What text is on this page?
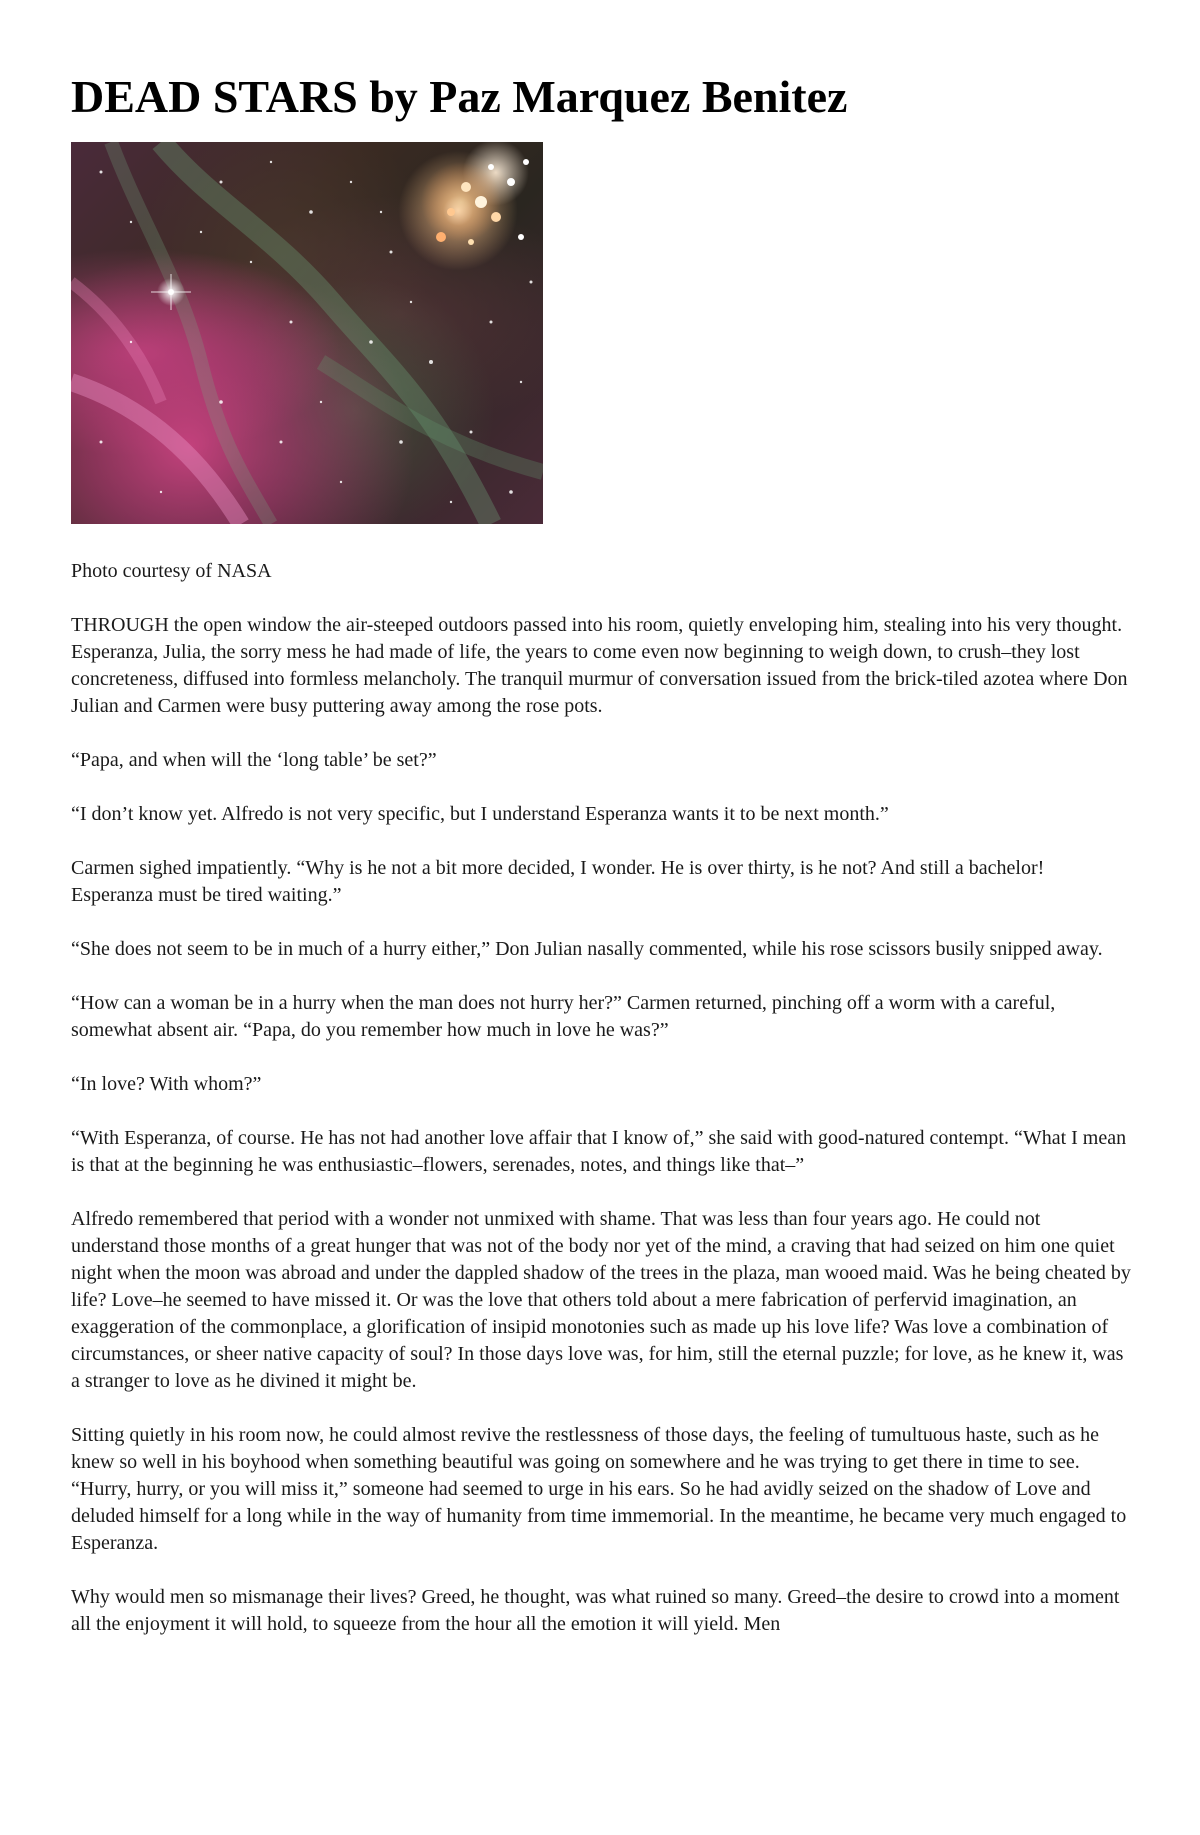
DEAD STARS by Paz Marquez Benitez

Photo courtesy of NASA

THROUGH the open window the air-steeped outdoors passed into his room, quietly enveloping him, stealing into his very thought. Esperanza, Julia, the sorry mess he had made of life, the years to come even now beginning to weigh down, to crush–they lost concreteness, diffused into formless melancholy. The tranquil murmur of conversation issued from the brick-tiled azotea where Don Julian and Carmen were busy puttering away among the rose pots.

“Papa, and when will the ‘long table’ be set?”

“I don’t know yet. Alfredo is not very specific, but I understand Esperanza wants it to be next month.”

Carmen sighed impatiently. “Why is he not a bit more decided, I wonder. He is over thirty, is he not? And still a bachelor! Esperanza must be tired waiting.”

“She does not seem to be in much of a hurry either,” Don Julian nasally commented, while his rose scissors busily snipped away.

“How can a woman be in a hurry when the man does not hurry her?” Carmen returned, pinching off a worm with a careful, somewhat absent air. “Papa, do you remember how much in love he was?”

“In love? With whom?”

“With Esperanza, of course. He has not had another love affair that I know of,” she said with good-natured contempt. “What I mean is that at the beginning he was enthusiastic–flowers, serenades, notes, and things like that–”

Alfredo remembered that period with a wonder not unmixed with shame. That was less than four years ago. He could not understand those months of a great hunger that was not of the body nor yet of the mind, a craving that had seized on him one quiet night when the moon was abroad and under the dappled shadow of the trees in the plaza, man wooed maid. Was he being cheated by life? Love–he seemed to have missed it. Or was the love that others told about a mere fabrication of perfervid imagination, an exaggeration of the commonplace, a glorification of insipid monotonies such as made up his love life? Was love a combination of circumstances, or sheer native capacity of soul? In those days love was, for him, still the eternal puzzle; for love, as he knew it, was a stranger to love as he divined it might be.

Sitting quietly in his room now, he could almost revive the restlessness of those days, the feeling of tumultuous haste, such as he knew so well in his boyhood when something beautiful was going on somewhere and he was trying to get there in time to see. “Hurry, hurry, or you will miss it,” someone had seemed to urge in his ears. So he had avidly seized on the shadow of Love and deluded himself for a long while in the way of humanity from time immemorial. In the meantime, he became very much engaged to Esperanza.

Why would men so mismanage their lives? Greed, he thought, was what ruined so many. Greed–the desire to crowd into a moment all the enjoyment it will hold, to squeeze from the hour all the emotion it will yield. Men
